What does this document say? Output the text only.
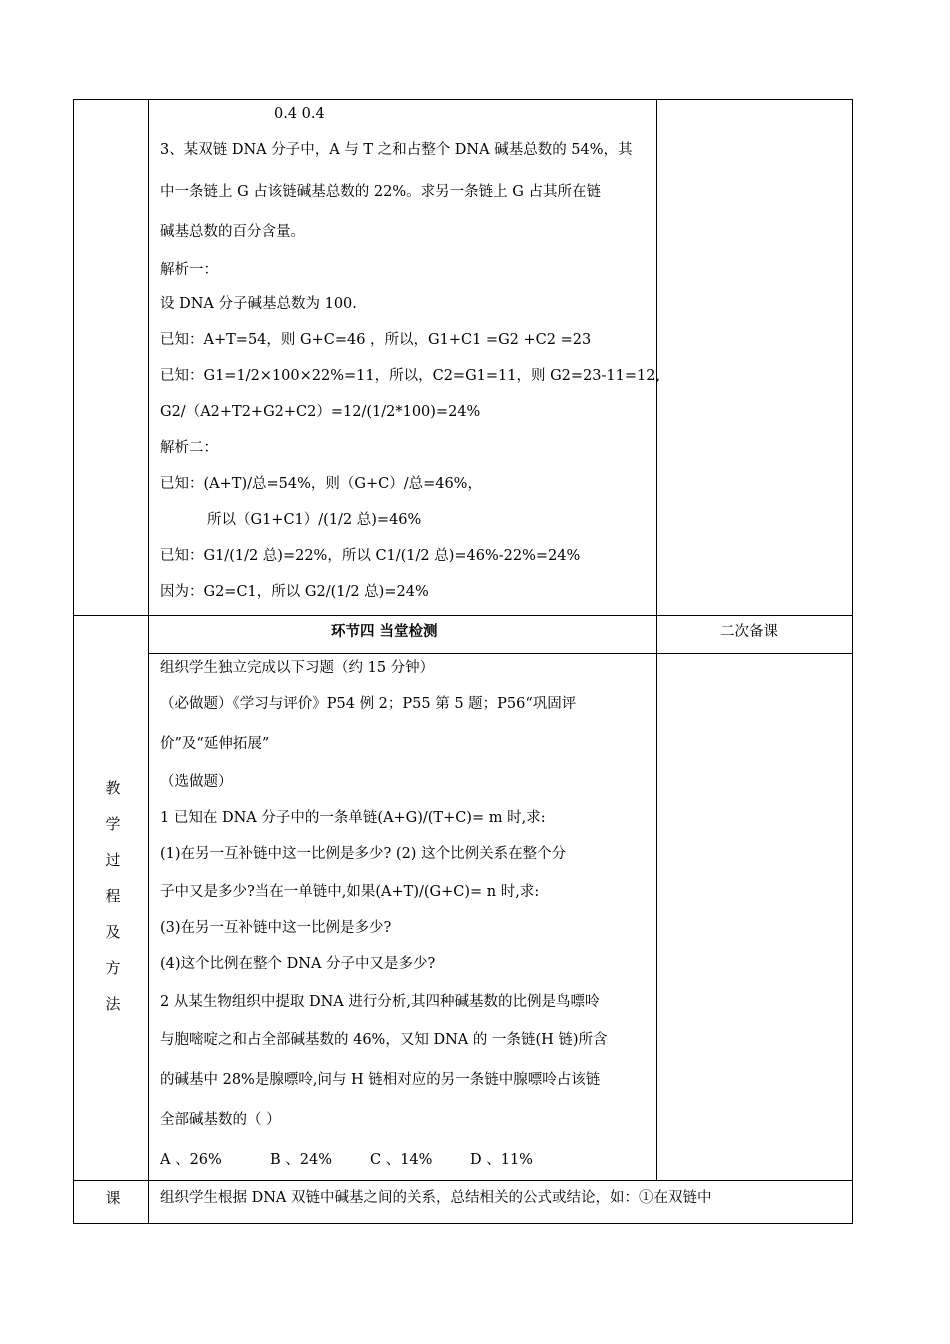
0.4 0.4
3、某双链 DNA 分子中，A 与 T 之和占整个 DNA 碱基总数的 54%，其
中一条链上 G 占该链碱基总数的 22%。求另一条链上 G 占其所在链
碱基总数的百分含量。
解析一：
设 DNA 分子碱基总数为 100.
已知：A+T=54，则 G+C=46 ，所以，G1+C1 =G2 +C2 =23
已知：G1=1/2×100×22%=11，所以，C2=G1=11，则 G2=23-11=12,
G2/（A2+T2+G2+C2）=12/(1/2*100)=24%
解析二：
已知：(A+T)/总=54%，则（G+C）/总=46%，
所以（G1+C1）/(1/2 总)=46%
已知：G1/(1/2 总)=22%，所以 C1/(1/2 总)=46%-22%=24%
因为：G2=C1，所以 G2/(1/2 总)=24%
环节四 当堂检测	二次备课
教
学
过
程
及
方
法
组织学生独立完成以下习题（约 15 分钟）
（必做题）《学习与评价》P54 例 2；P55 第 5 题；P56“巩固评
价”及“延伸拓展”
（选做题）
1 已知在 DNA 分子中的一条单链(A+G)/(T+C)= m 时,求:
(1)在另一互补链中这一比例是多少? (2) 这个比例关系在整个分
子中又是多少?当在一单链中,如果(A+T)/(G+C)= n 时,求:
(3)在另一互补链中这一比例是多少?
(4)这个比例在整个 DNA 分子中又是多少?
2 从某生物组织中提取 DNA 进行分析,其四种碱基数的比例是鸟嘌呤
与胞嘧啶之和占全部碱基数的 46%，又知 DNA 的 一条链(H 链)所含
的碱基中 28%是腺嘌呤,问与 H 链相对应的另一条链中腺嘌呤占该链
全部碱基数的（ ）
A 、26%	B 、24%	C 、14%	D 、11%
课	组织学生根据 DNA 双链中碱基之间的关系，总结相关的公式或结论，如：①在双链中
